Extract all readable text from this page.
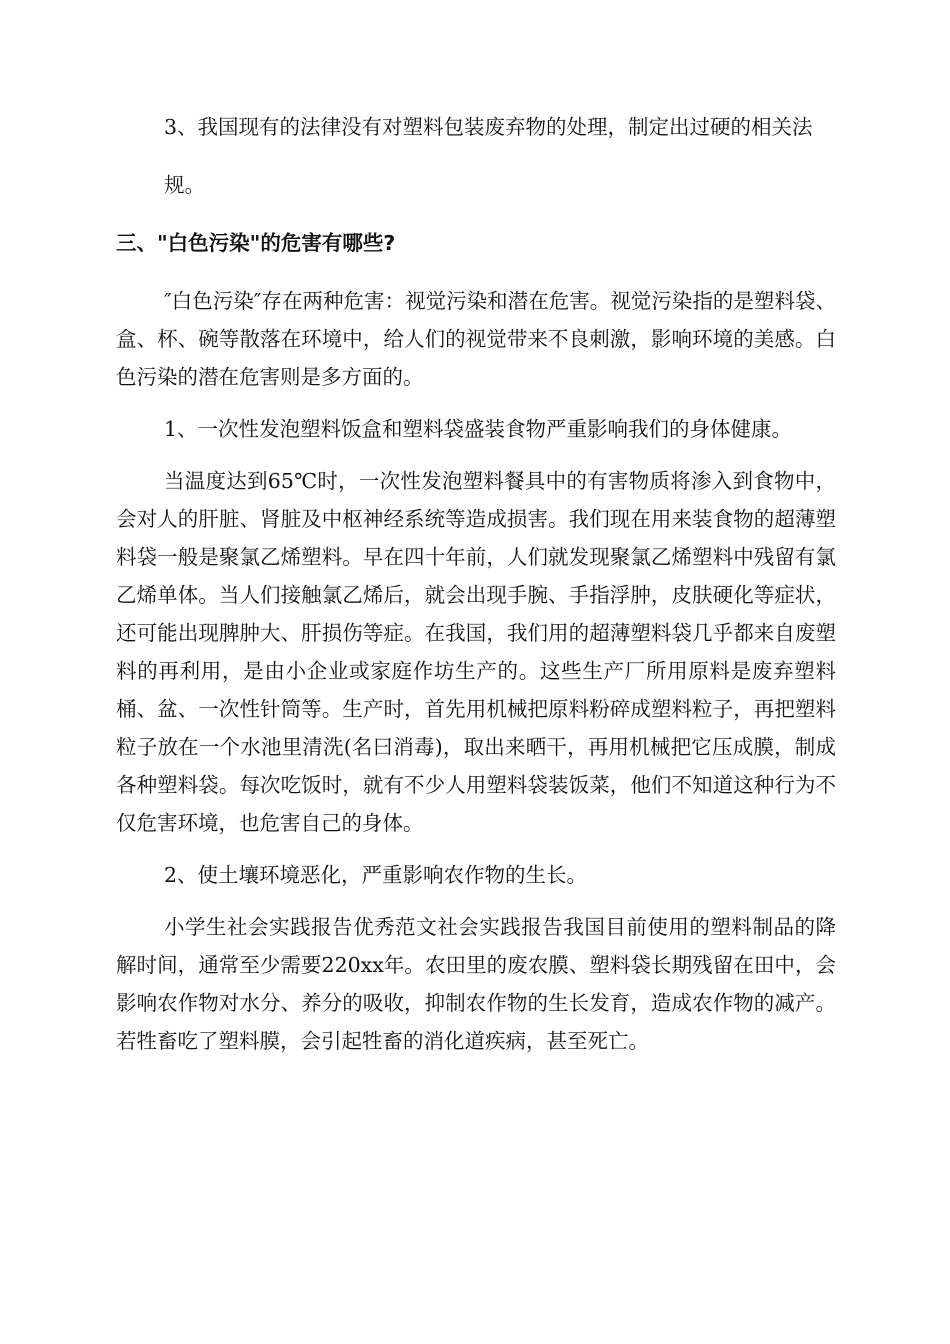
3、我国现有的法律没有对塑料包装废弃物的处理，制定出过硬的相关法

规。

三、"白色污染"的危害有哪些?

″白色污染″存在两种危害：视觉污染和潜在危害。视觉污染指的是塑料袋、盒、杯、碗等散落在环境中，给人们的视觉带来不良刺激，影响环境的美感。白色污染的潜在危害则是多方面的。

1、一次性发泡塑料饭盒和塑料袋盛装食物严重影响我们的身体健康。

当温度达到65℃时，一次性发泡塑料餐具中的有害物质将渗入到食物中，会对人的肝脏、肾脏及中枢神经系统等造成损害。我们现在用来装食物的超薄塑料袋一般是聚氯乙烯塑料。早在四十年前，人们就发现聚氯乙烯塑料中残留有氯乙烯单体。当人们接触氯乙烯后，就会出现手腕、手指浮肿，皮肤硬化等症状，还可能出现脾肿大、肝损伤等症。在我国，我们用的超薄塑料袋几乎都来自废塑料的再利用，是由小企业或家庭作坊生产的。这些生产厂所用原料是废弃塑料桶、盆、一次性针筒等。生产时，首先用机械把原料粉碎成塑料粒子，再把塑料粒子放在一个水池里清洗(名曰消毒)，取出来晒干，再用机械把它压成膜，制成各种塑料袋。每次吃饭时，就有不少人用塑料袋装饭菜，他们不知道这种行为不仅危害环境，也危害自己的身体。

2、使土壤环境恶化，严重影响农作物的生长。

小学生社会实践报告优秀范文社会实践报告我国目前使用的塑料制品的降解时间，通常至少需要220xx年。农田里的废农膜、塑料袋长期残留在田中，会影响农作物对水分、养分的吸收，抑制农作物的生长发育，造成农作物的减产。若牲畜吃了塑料膜，会引起牲畜的消化道疾病，甚至死亡。
